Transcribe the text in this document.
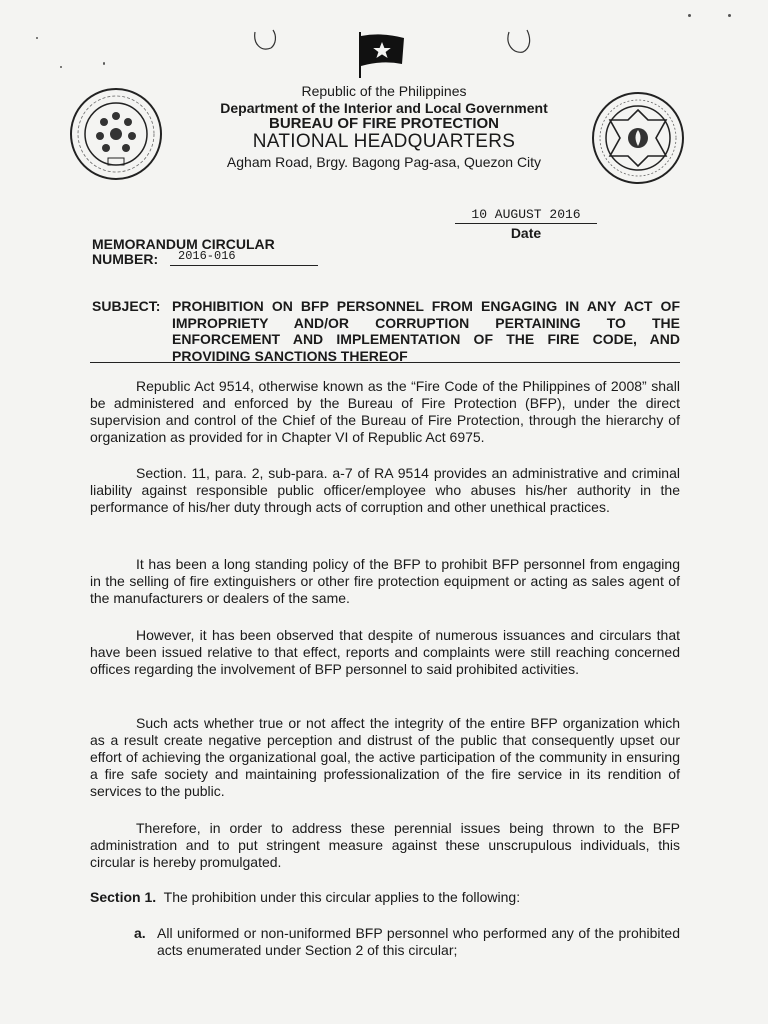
Republic of the Philippines
Department of the Interior and Local Government
BUREAU OF FIRE PROTECTION
NATIONAL HEADQUARTERS
Agham Road, Brgy. Bagong Pag-asa, Quezon City
10 AUGUST 2016
Date
MEMORANDUM CIRCULAR
NUMBER:	2016-016
SUBJECT: PROHIBITION ON BFP PERSONNEL FROM ENGAGING IN ANY ACT OF IMPROPRIETY AND/OR CORRUPTION PERTAINING TO THE ENFORCEMENT AND IMPLEMENTATION OF THE FIRE CODE, AND PROVIDING SANCTIONS THEREOF
Republic Act 9514, otherwise known as the “Fire Code of the Philippines of 2008” shall be administered and enforced by the Bureau of Fire Protection (BFP), under the direct supervision and control of the Chief of the Bureau of Fire Protection, through the hierarchy of organization as provided for in Chapter VI of Republic Act 6975.
Section. 11, para. 2, sub-para. a-7 of RA 9514 provides an administrative and criminal liability against responsible public officer/employee who abuses his/her authority in the performance of his/her duty through acts of corruption and other unethical practices.
It has been a long standing policy of the BFP to prohibit BFP personnel from engaging in the selling of fire extinguishers or other fire protection equipment or acting as sales agent of the manufacturers or dealers of the same.
However, it has been observed that despite of numerous issuances and circulars that have been issued relative to that effect, reports and complaints were still reaching concerned offices regarding the involvement of BFP personnel to said prohibited activities.
Such acts whether true or not affect the integrity of the entire BFP organization which as a result create negative perception and distrust of the public that consequently upset our effort of achieving the organizational goal, the active participation of the community in ensuring a fire safe society and maintaining professionalization of the fire service in its rendition of services to the public.
Therefore, in order to address these perennial issues being thrown to the BFP administration and to put stringent measure against these unscrupulous individuals, this circular is hereby promulgated.
Section 1. The prohibition under this circular applies to the following:
a. All uniformed or non-uniformed BFP personnel who performed any of the prohibited acts enumerated under Section 2 of this circular;
